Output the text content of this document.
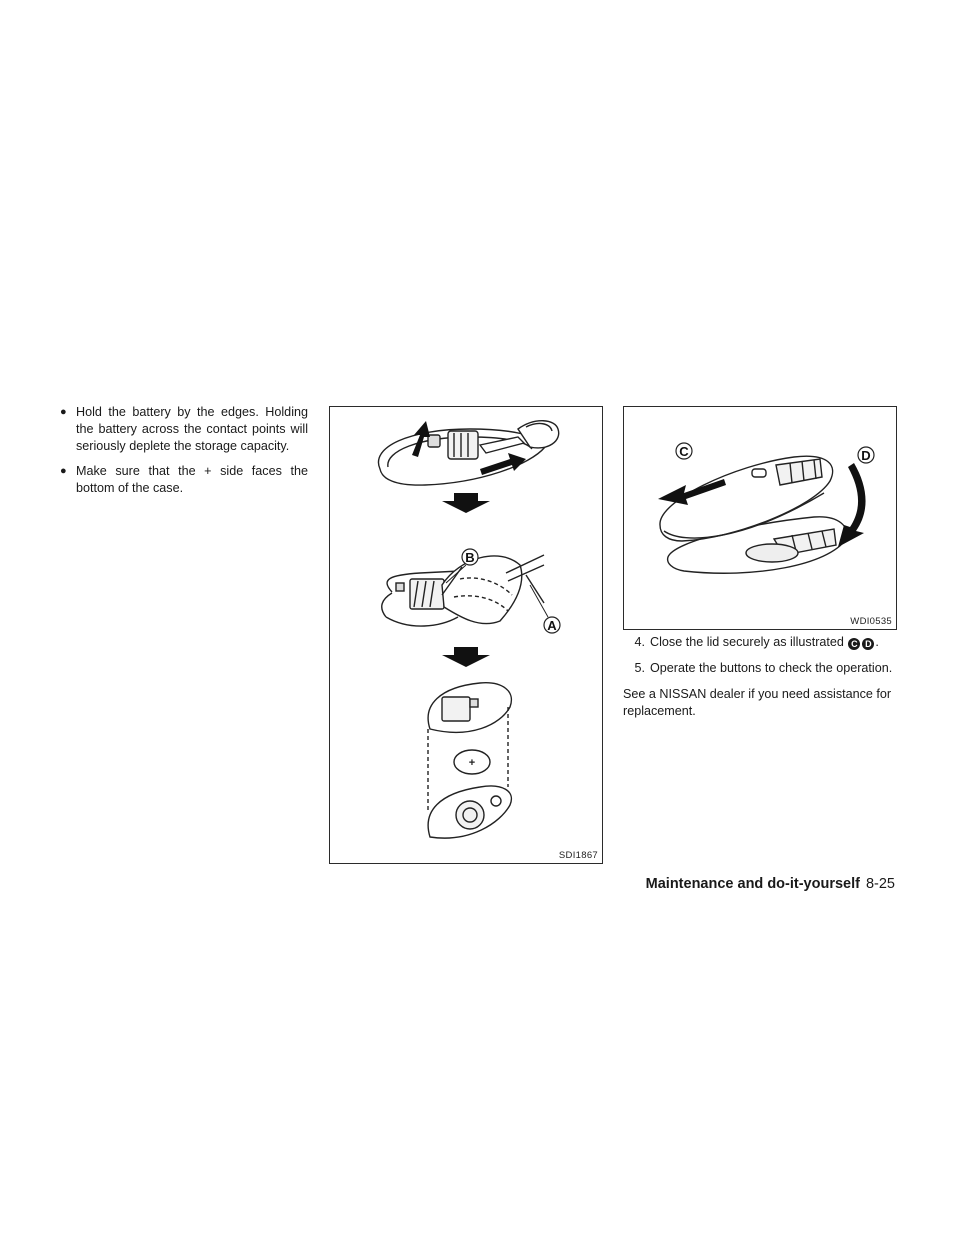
● Hold the battery by the edges. Holding the battery across the contact points will seriously deplete the storage capacity.
● Make sure that the + side faces the bottom of the case.
+
B
A
SDI1867
C	D
WDI0535
4. Close the lid securely as illustrated C D .
5. Operate the buttons to check the operation.
See a NISSAN dealer if you need assistance for replacement.
Maintenance and do-it-yourself 8-25
